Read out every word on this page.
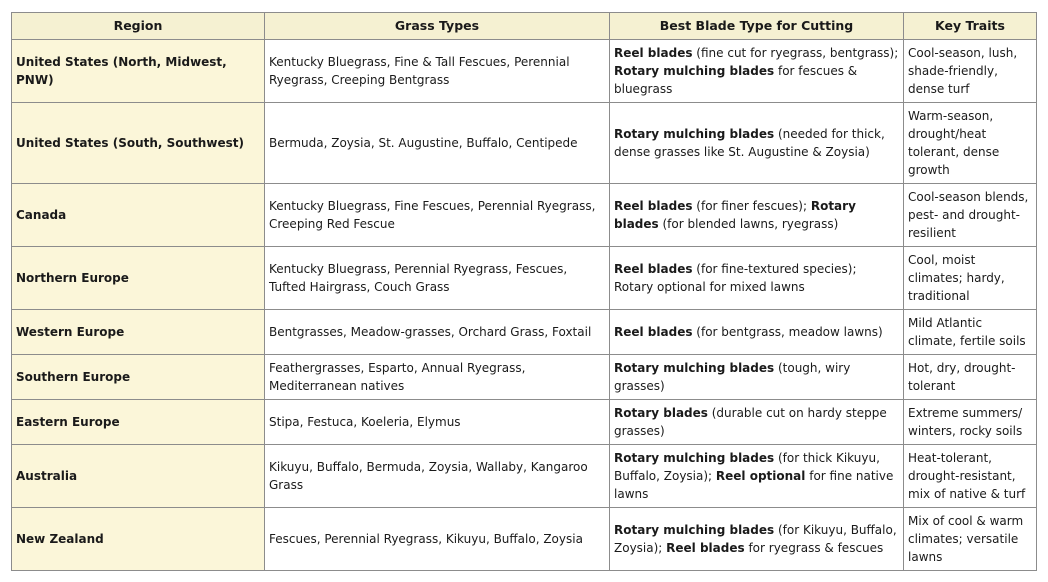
Region	Grass Types	Best Blade Type for Cutting	Key Traits
United States (North, Midwest, PNW)	Kentucky Bluegrass, Fine & Tall Fescues, Perennial Ryegrass, Creeping Bentgrass	Reel blades (fine cut for ryegrass, bentgrass); Rotary mulching blades for fescues & bluegrass	Cool-season, lush, shade-friendly, dense turf
United States (South, Southwest)	Bermuda, Zoysia, St. Augustine, Buffalo, Centipede	Rotary mulching blades (needed for thick, dense grasses like St. Augustine & Zoysia)	Warm-season, drought/heat tolerant, dense growth
Canada	Kentucky Bluegrass, Fine Fescues, Perennial Ryegrass, Creeping Red Fescue	Reel blades (for finer fescues); Rotary blades (for blended lawns, ryegrass)	Cool-season blends, pest- and drought-resilient
Northern Europe	Kentucky Bluegrass, Perennial Ryegrass, Fescues, Tufted Hairgrass, Couch Grass	Reel blades (for fine-textured species); Rotary optional for mixed lawns	Cool, moist climates; hardy, traditional
Western Europe	Bentgrasses, Meadow-grasses, Orchard Grass, Foxtail	Reel blades (for bentgrass, meadow lawns)	Mild Atlantic climate, fertile soils
Southern Europe	Feathergrasses, Esparto, Annual Ryegrass, Mediterranean natives	Rotary mulching blades (tough, wiry grasses)	Hot, dry, drought-tolerant
Eastern Europe	Stipa, Festuca, Koeleria, Elymus	Rotary blades (durable cut on hardy steppe grasses)	Extreme summers/ winters, rocky soils
Australia	Kikuyu, Buffalo, Bermuda, Zoysia, Wallaby, Kangaroo Grass	Rotary mulching blades (for thick Kikuyu, Buffalo, Zoysia); Reel optional for fine native lawns	Heat-tolerant, drought-resistant, mix of native & turf
New Zealand	Fescues, Perennial Ryegrass, Kikuyu, Buffalo, Zoysia	Rotary mulching blades (for Kikuyu, Buffalo, Zoysia); Reel blades for ryegrass & fescues	Mix of cool & warm climates; versatile lawns
